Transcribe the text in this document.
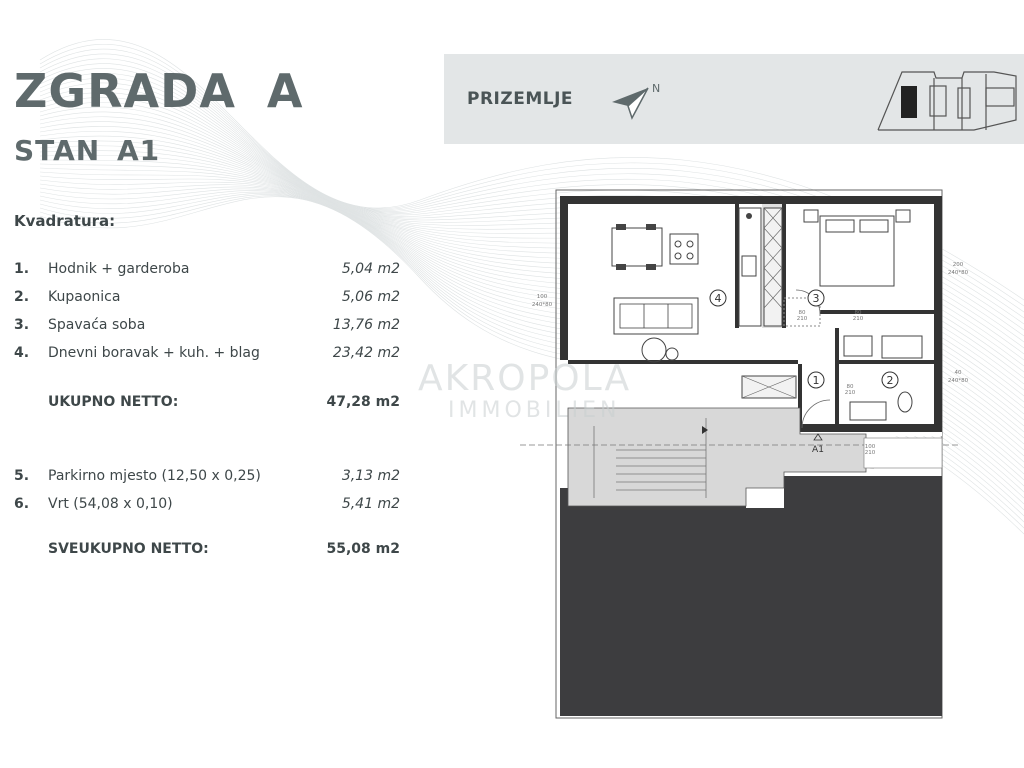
ZGRADA A
STAN A1
Kvadratura:
1. Hodnik + garderoba	5,04 m2
2. Kupaonica	5,06 m2
3. Spavaća soba	13,76 m2
4. Dnevni boravak + kuh. + blag	23,42 m2
UKUPNO NETTO:	47,28 m2
5. Parkirno mjesto (12,50 x 0,25)	3,13 m2
6. Vrt (54,08 x 0,10)	5,41 m2
SVEUKUPNO NETTO:	55,08 m2
PRIZEMLJE
N
4	3
1	2
A1
100
240*80
200
240*80
40
240*80
80
210
80
210
80
210
100
210
AKROPOLA
IMMOBILIEN
